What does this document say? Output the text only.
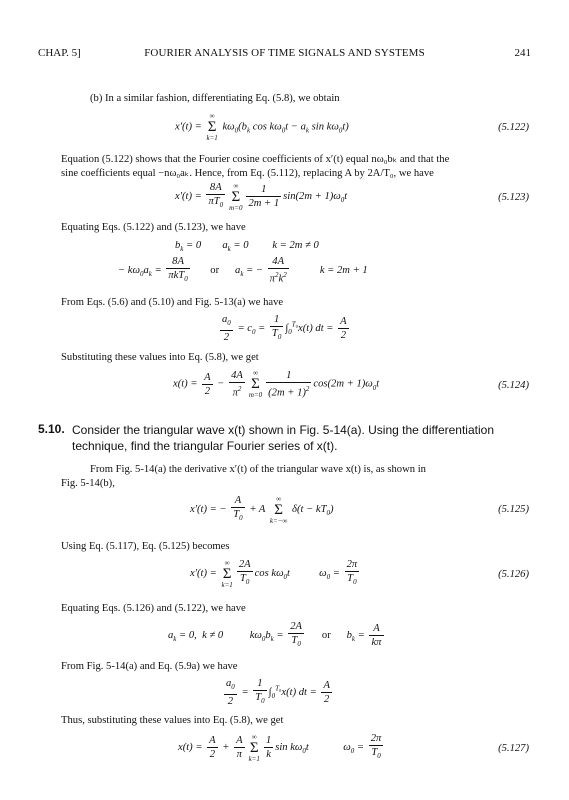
CHAP. 5]	FOURIER ANALYSIS OF TIME SIGNALS AND SYSTEMS	241
(b) In a similar fashion, differentiating Eq. (5.8), we obtain
x′(t) =
∞
Σ
k=1
$k\omega_0(b_k$ $\cos k\omega_0t - a_k$ $\sin k\omega_0t$)	(5.122)
Equation (5.122) shows that the Fourier cosine coefficients of x′(t) equal nω₀bₖ and that the
sine coefficients equal −nω₀aₖ. Hence, from Eq. (5.112), replacing A by 2A/T₀, we have
$x'(t) = \frac{8A}{\pi T_0}$	∞
Σ
$m=0 \frac{1}{2m + 1} \sin(2m + 1)\omega_0t$	(5.123)
Equating Eqs. (5.122) and (5.123), we have
$b_k = 0$        $a_k = 0$         k = 2m ≠ 0
− $k\omega_0a_k = \frac{8A}{\pi kT_0}$ or      $a_k$ = − $\frac{4A}{\pi^2k^2}$ k = 2m + 1
From Eqs. (5.6) and (5.10) and Fig. 5-13(a) we have
$\frac{a_0}{2} = c_0 = \frac{1}{T_0} \int_0^{T_0}x(t)$ dt = $\frac{A}{2}$
Substituting these values into Eq. (5.8), we get
$x(t) = \frac{A}{2} - \frac{4A}{\pi^2}$	∞
Σ
$m=0 \frac{1}{(2m + 1)^2} \cos(2m + 1)\omega_0t$	(5.124)
5.10. Consider the triangular wave x(t) shown in Fig. 5-14(a). Using the differentiation
technique, find the triangular Fourier series of x(t).
From Fig. 5-14(a) the derivative x′(t) of the triangular wave x(t) is, as shown in
Fig. 5-14(b),
x′(t) = − $\frac{A}{T_0} + A$
∞
Σ
k=−∞
$\delta(t - kT_0)$	(5.125)
Using Eq. (5.117), Eq. (5.125) becomes
x′(t) =
∞
Σ
$k=1 \frac{2A}{T_0}$ $\cos k\omega_0t$           $\omega_0 = \frac{2\pi}{T_0}$	(5.126)
Equating Eqs. (5.126) and (5.122), we have
$a_k = 0$,  k ≠ 0          $k\omega_0b_k = \frac{2A}{T_0}$ or      $b_k = \frac{A}{k\pi}$
From Fig. 5-14(a) and Eq. (5.9a) we have
$\frac{a_0}{2} = \frac{1}{T_0} \int_0^{T_0}x(t)$ dt = $\frac{A}{2}$
Thus, substituting these values into Eq. (5.8), we get
$x(t) = \frac{A}{2} + \frac{A}{\pi}$	∞
Σ
$k=1 \frac{1}{k}$ $\sin k\omega_0t$             $\omega_0 = \frac{2\pi}{T_0}$	(5.127)
